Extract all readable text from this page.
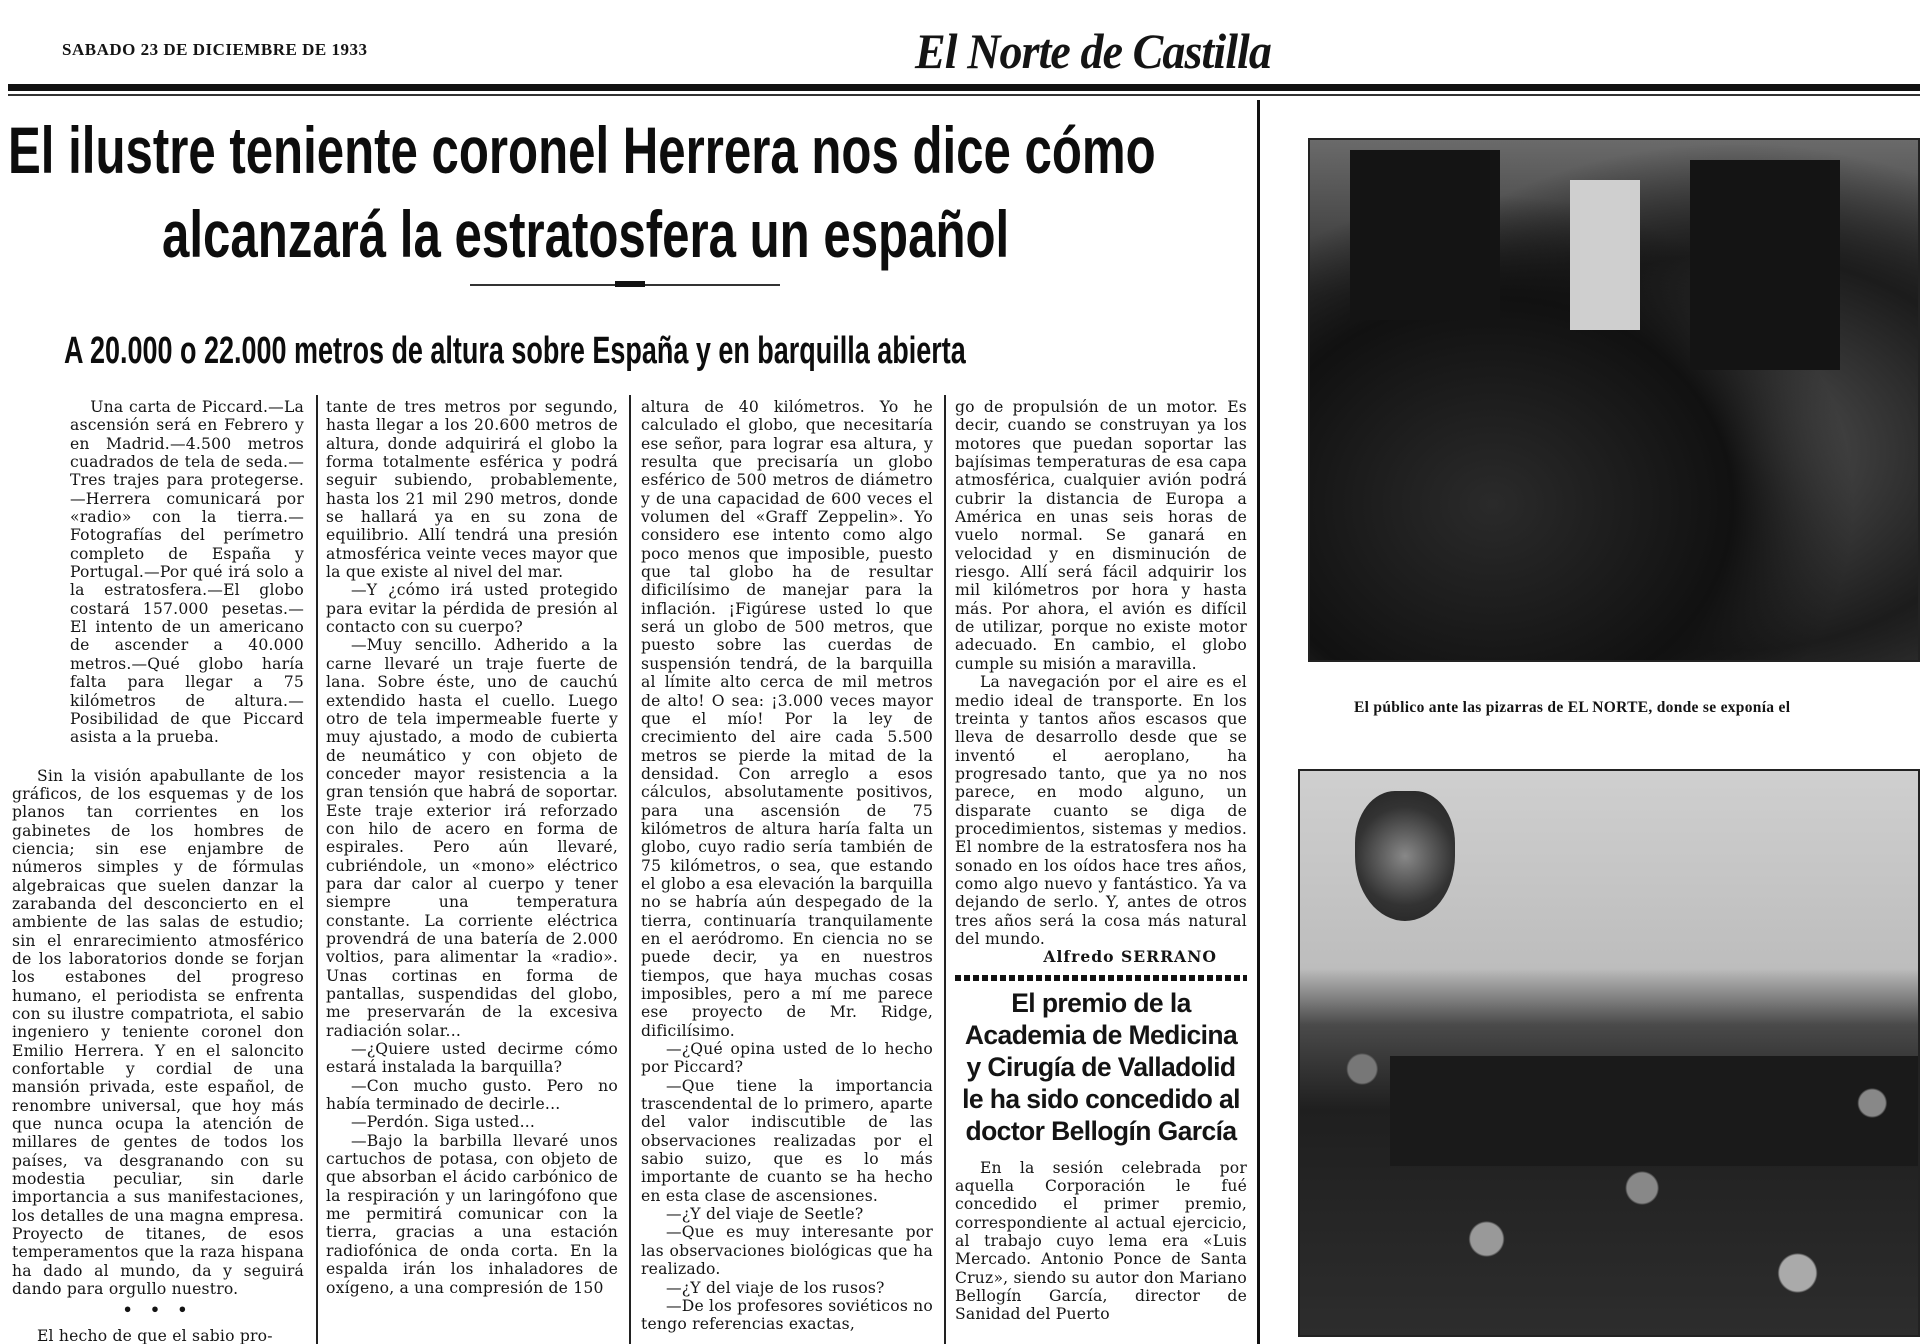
SABADO 23 DE DICIEMBRE DE 1933	El Norte de Castilla
El ilustre teniente coronel Herrera nos dice cómo
alcanzará la estratosfera un español
A 20.000 o 22.000 metros de altura sobre España y en barquilla abierta

Una carta de Piccard.—La ascensión será en Febrero y en Madrid.—4.500 metros cuadrados de tela de seda.—Tres trajes para protegerse.—Herrera comunicará por «radio» con la tierra.—Fotografías del perímetro completo de España y Portugal.—Por qué irá solo a la estratosfera.—El globo costará 157.000 pesetas.—El intento de un americano de ascender a 40.000 metros.—Qué globo haría falta para llegar a 75 kilómetros de altura.—Posibilidad de que Piccard asista a la prueba.

Sin la visión apabullante de los gráficos, de los esquemas y de los planos tan corrientes en los gabinetes de los hombres de ciencia; sin ese enjambre de números simples y de fórmulas algebraicas que suelen danzar la zarabanda del desconcierto en el ambiente de las salas de estudio; sin el enrarecimiento atmosférico de los laboratorios donde se forjan los estabones del progreso humano, el periodista se enfrenta con su ilustre compatriota, el sabio ingeniero y teniente coronel don Emilio Herrera. Y en el saloncito confortable y cordial de una mansión privada, este español, de renombre universal, que hoy más que nunca ocupa la atención de millares de gentes de todos los países, va desgranando con su modestia peculiar, sin darle importancia a sus manifestaciones, los detalles de una magna empresa. Proyecto de titanes, de esos temperamentos que la raza hispana ha dado al mundo, da y seguirá dando para orgullo nuestro.

• • •

El hecho de que el sabio pro-

tante de tres metros por segundo, hasta llegar a los 20.600 metros de altura, donde adquirirá el globo la forma totalmente esférica y podrá seguir subiendo, probablemente, hasta los 21 mil 290 metros, donde se hallará ya en su zona de equilibrio. Allí tendrá una presión atmosférica veinte veces mayor que la que existe al nivel del mar.

—Y ¿cómo irá usted protegido para evitar la pérdida de presión al contacto con su cuerpo?

—Muy sencillo. Adherido a la carne llevaré un traje fuerte de lana. Sobre éste, uno de cauchú extendido hasta el cuello. Luego otro de tela impermeable fuerte y muy ajustado, a modo de cubierta de neumático y con objeto de conceder mayor resistencia a la gran tensión que habrá de soportar. Este traje exterior irá reforzado con hilo de acero en forma de espirales. Pero aún llevaré, cubriéndole, un «mono» eléctrico para dar calor al cuerpo y tener siempre una temperatura constante. La corriente eléctrica provendrá de una batería de 2.000 voltios, para alimentar la «radio». Unas cortinas en forma de pantallas, suspendidas del globo, me preservarán de la excesiva radiación solar...

—¿Quiere usted decirme cómo estará instalada la barquilla?

—Con mucho gusto. Pero no había terminado de decirle...

—Perdón. Siga usted...

—Bajo la barbilla llevaré unos cartuchos de potasa, con objeto de que absorban el ácido carbónico de la respiración y un laringófono que me permitirá comunicar con la tierra, gracias a una estación radiofónica de onda corta. En la espalda irán los inhaladores de oxígeno, a una compresión de 150

altura de 40 kilómetros. Yo he calculado el globo, que necesitaría ese señor, para lograr esa altura, y resulta que precisaría un globo esférico de 500 metros de diámetro y de una capacidad de 600 veces el volumen del «Graff Zeppelin». Yo considero ese intento como algo poco menos que imposible, puesto que tal globo ha de resultar dificilísimo de manejar para la inflación. ¡Figúrese usted lo que será un globo de 500 metros, que puesto sobre las cuerdas de suspensión tendrá, de la barquilla al límite alto cerca de mil metros de alto! O sea: ¡3.000 veces mayor que el mío! Por la ley de crecimiento del aire cada 5.500 metros se pierde la mitad de la densidad. Con arreglo a esos cálculos, absolutamente positivos, para una ascensión de 75 kilómetros de altura haría falta un globo, cuyo radio sería también de 75 kilómetros, o sea, que estando el globo a esa elevación la barquilla no se habría aún despegado de la tierra, continuaría tranquilamente en el aeródromo. En ciencia no se puede decir, ya en nuestros tiempos, que haya muchas cosas imposibles, pero a mí me parece ese proyecto de Mr. Ridge, dificilísimo.

—¿Qué opina usted de lo hecho por Piccard?

—Que tiene la importancia trascendental de lo primero, aparte del valor indiscutible de las observaciones realizadas por el sabio suizo, que es lo más importante de cuanto se ha hecho en esta clase de ascensiones.

—¿Y del viaje de Seetle?

—Que es muy interesante por las observaciones biológicas que ha realizado.

—¿Y del viaje de los rusos?

—De los profesores soviéticos no tengo referencias exactas,

go de propulsión de un motor. Es decir, cuando se construyan ya los motores que puedan soportar las bajísimas temperaturas de esa capa atmosférica, cualquier avión podrá cubrir la distancia de Europa a América en unas seis horas de vuelo normal. Se ganará en velocidad y en disminución de riesgo. Allí será fácil adquirir los mil kilómetros por hora y hasta más. Por ahora, el avión es difícil de utilizar, porque no existe motor adecuado. En cambio, el globo cumple su misión a maravilla.

La navegación por el aire es el medio ideal de transporte. En los treinta y tantos años escasos que lleva de desarrollo desde que se inventó el aeroplano, ha progresado tanto, que ya no nos parece, en modo alguno, un disparate cuanto se diga de procedimientos, sistemas y medios. El nombre de la estratosfera nos ha sonado en los oídos hace tres años, como algo nuevo y fantástico. Ya va dejando de serlo. Y, antes de otros tres años será la cosa más natural del mundo.

Alfredo SERRANO

El premio de la Academia de Medicina y Cirugía de Valladolid le ha sido concedido al doctor Bellogín García

En la sesión celebrada por aquella Corporación le fué concedido el primer premio, correspondiente al actual ejercicio, al trabajo cuyo lema era «Luis Mercado. Antonio Ponce de Santa Cruz», siendo su autor don Mariano Bellogín García, director de Sanidad del Puerto

El público ante las pizarras de EL NORTE, donde se exponía el
